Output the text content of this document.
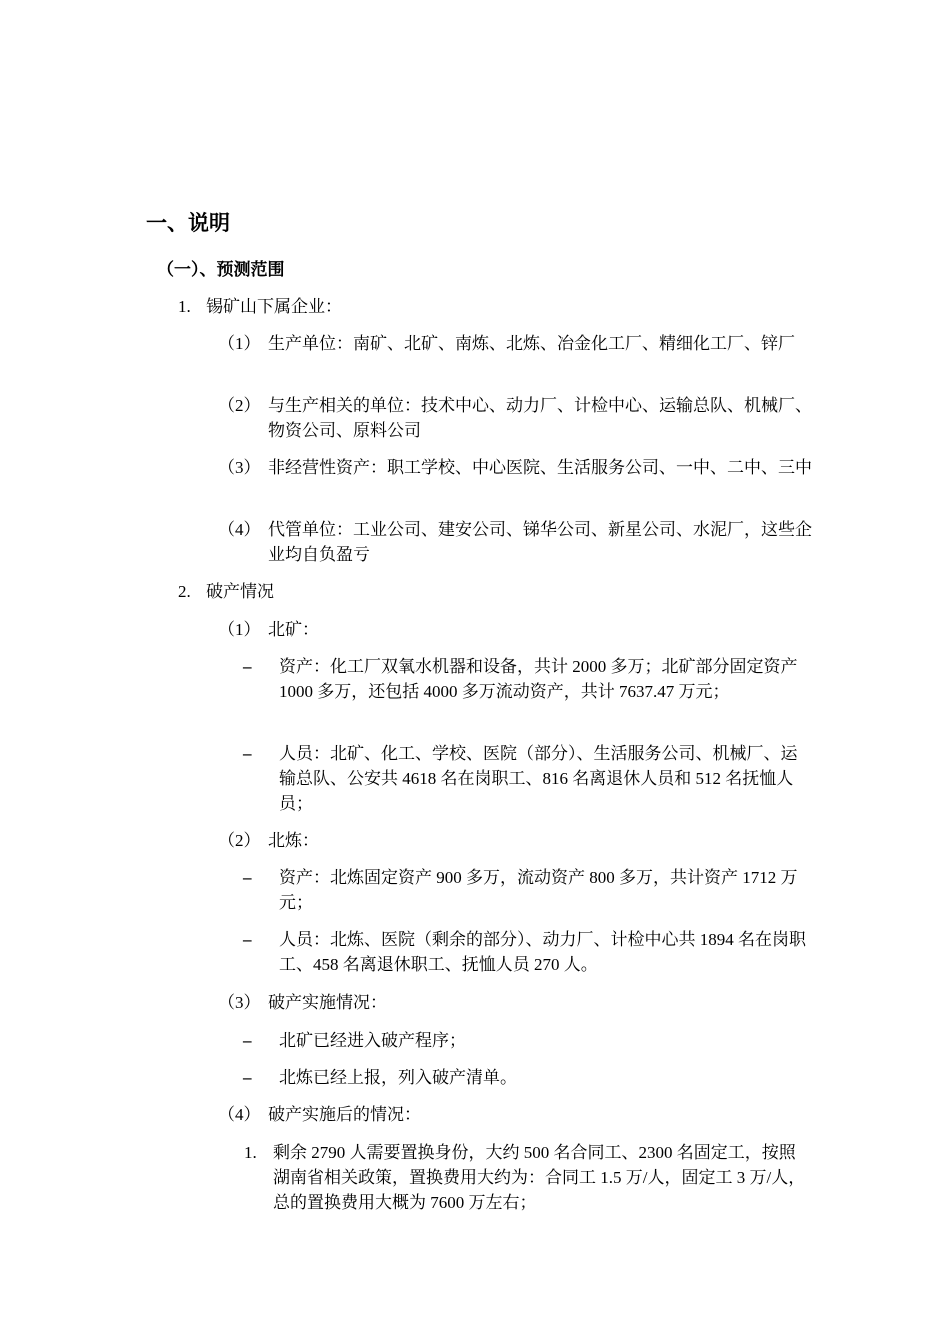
一、说明
（一）、预测范围
1. 锡矿山下属企业：
（1） 生产单位：南矿、北矿、南炼、北炼、冶金化工厂、精细化工厂、锌厂
（2） 与生产相关的单位：技术中心、动力厂、计检中心、运输总队、机械厂、物资公司、原料公司
（3） 非经营性资产：职工学校、中心医院、生活服务公司、一中、二中、三中
（4） 代管单位：工业公司、建安公司、锑华公司、新星公司、水泥厂，这些企业均自负盈亏
2. 破产情况
（1） 北矿：
– 资产：化工厂双氧水机器和设备，共计 2000 多万；北矿部分固定资产 1000 多万，还包括 4000 多万流动资产，共计 7637.47 万元；
– 人员：北矿、化工、学校、医院（部分）、生活服务公司、机械厂、运输总队、公安共 4618 名在岗职工、816 名离退休人员和 512 名抚恤人员；
（2） 北炼：
– 资产：北炼固定资产 900 多万，流动资产 800 多万，共计资产 1712 万元；
– 人员：北炼、医院（剩余的部分）、动力厂、计检中心共 1894 名在岗职工、458 名离退休职工、抚恤人员 270 人。
（3） 破产实施情况：
– 北矿已经进入破产程序；
– 北炼已经上报，列入破产清单。
（4） 破产实施后的情况：
1. 剩余 2790 人需要置换身份，大约 500 名合同工、2300 名固定工，按照湖南省相关政策，置换费用大约为：合同工 1.5 万/人，固定工 3 万/人，总的置换费用大概为 7600 万左右；
